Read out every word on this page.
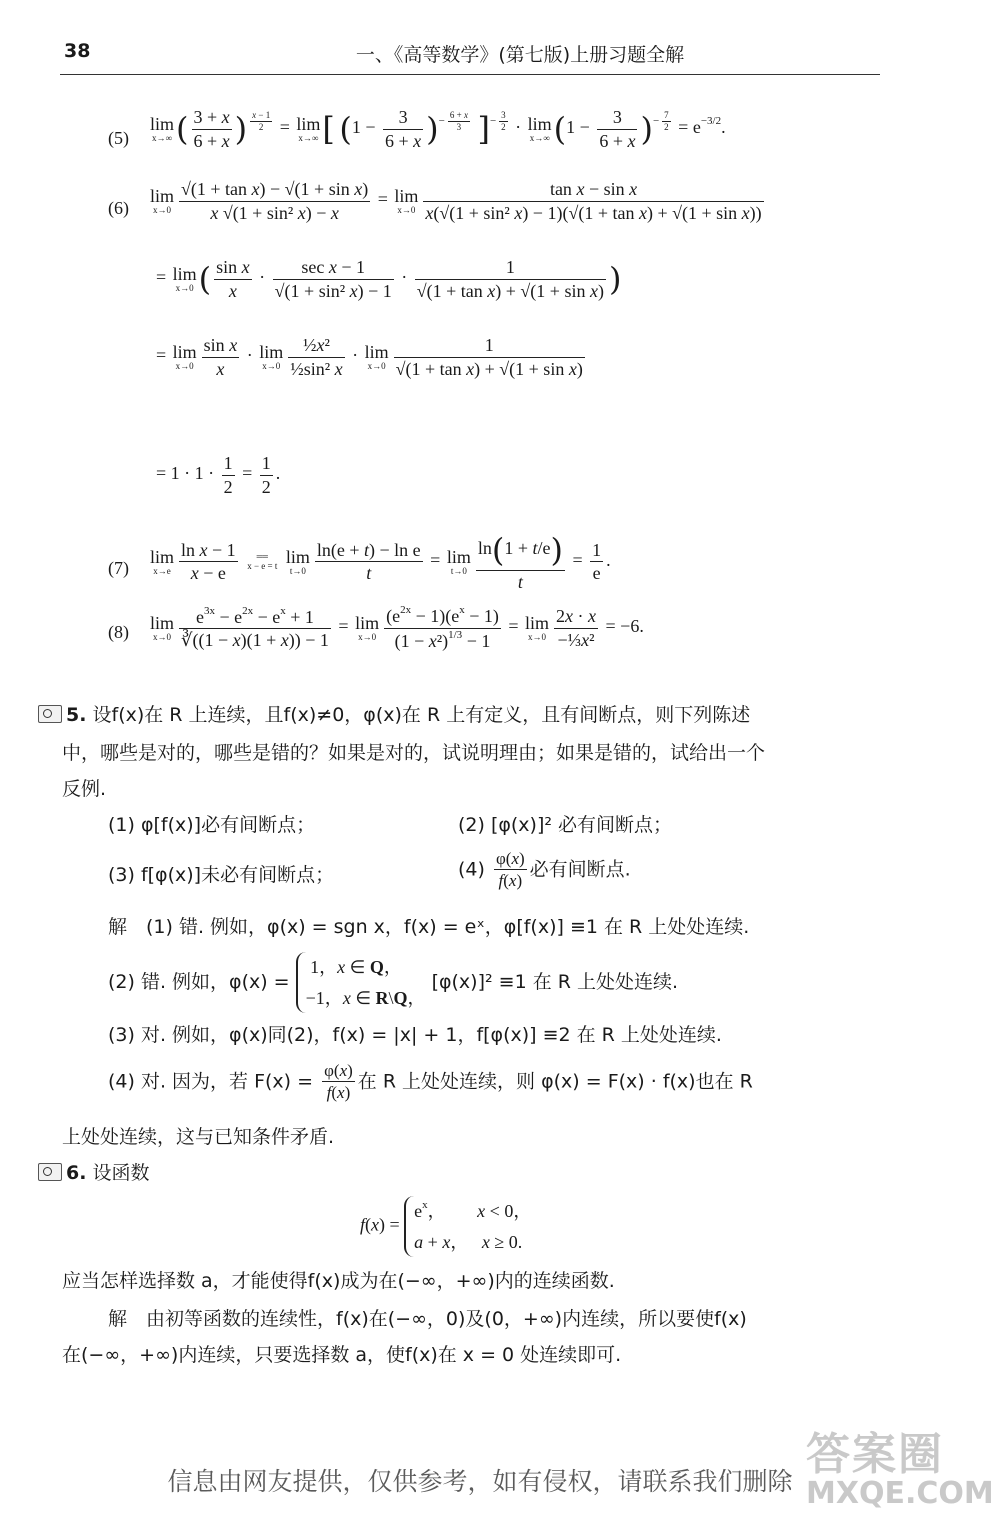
38	一、《高等数学》(第七版)上册习题全解
(5)
lim
x→∞ ( $\frac{3 + x}{6 + x}$ ) $^{\frac{x - 1}{2}}$ = lim
x→∞ [ $(1 - \frac{3}{6 + x} )^{- \frac{6 + x}{3}}$ ]$^{- \frac{3}{2}}$ · lim
x→∞ $(1 - \frac{3}{6 + x} )^{- \frac{7}{2}} = e^{-3/2}$.
(6)
lim
$x\to 0 \frac{\text{√(1 + tan x) − √(1 + sin x)}}{\text{x √(1 + sin² x) − x}} = \lim$
$x\to 0 \frac{\text{tan x − sin x}}{\text{x(√(1 + sin² x) − 1)(√(1 + tan x) + √(1 + sin x))}}$
= lim
x→0 ( $\frac{\text{sin x}}{x} \cdot \frac{\text{sec x − 1}}{\text{√(1 + sin² x) − 1}} \cdot \frac{1}{\text{√(1 + tan x) + √(1 + sin x)}}$ )
= lim
$x\to 0 \frac{\text{sin x}}{x} \cdot \lim$
$x\to 0 \frac{\text{½x²}}{\text{½sin² x}} \cdot \lim$
$x\to 0 \frac{1}{\text{√(1 + tan x) + √(1 + sin x)}}$
= $1 \cdot 1 \cdot \frac{1}{2} = \frac{1}{2}$ .
(7)
lim
$x\to e \frac{\text{ln x − 1}}{x - e}$ ══
x − e = t lim
$t\to 0 \frac{\text{ln(e + t) − ln e}}{t} = \lim$
$t\to 0 \frac{\ln(1 + t/e)}{t} = \frac{1}{e}$ .
(8) lim
$x\to 0 \frac{e^{3x} - e^{2x} - e^x + 1}{∛((1 - x)(1 + x)) - 1} = \lim$
$x\to 0 \frac{(e^{2x} - 1)(e^x - 1)}{(1 - x^2)^{1/3} - 1} = \lim$
$x\to 0 \frac{2x \cdot x}{\text{−⅓x²}} = -6$.
5. 设f(x)在 R 上连续，且f(x)≠0，φ(x)在 R 上有定义，且有间断点，则下列陈述
中，哪些是对的，哪些是错的？如果是对的，试说明理由；如果是错的，试给出一个
反例.
(1) φ[f(x)]必有间断点；	(2) [φ(x)]² 必有间断点；
(3) f[φ(x)]未必有间断点；	$(4) \frac{\varphi(x)}{f(x)}$ 必有间断点.
解　(1) 错. 例如，φ(x) = sgn x，f(x) = eˣ，φ[f(x)] ≡1 在 R 上处处连续.
(2) 错. 例如，φ(x) =
1，x ∈ Q，
−1，x ∈ R\Q，
[φ(x)]² ≡1 在 R 上处处连续.
(3) 对. 例如，φ(x)同(2)，f(x) = |x| + 1，f[φ(x)] ≡2 在 R 上处处连续.
(4) 对. 因为，若 $F(x) = \frac{\varphi(x)}{f(x)}$ 在 R 上处处连续，则 φ(x) = F(x) · f(x)也在 R
上处处连续，这与已知条件矛盾.
6. 设函数
f(x) =
$e^x$，       x < 0，
a + x，   x ≥ 0.
应当怎样选择数 a，才能使得f(x)成为在(−∞，+∞)内的连续函数.
解　由初等函数的连续性，f(x)在(−∞，0)及(0，+∞)内连续，所以要使f(x)
在(−∞，+∞)内连续，只要选择数 a，使f(x)在 x = 0 处连续即可.
答案圈
MXQE.COM
信息由网友提供，仅供参考，如有侵权，请联系我们删除
